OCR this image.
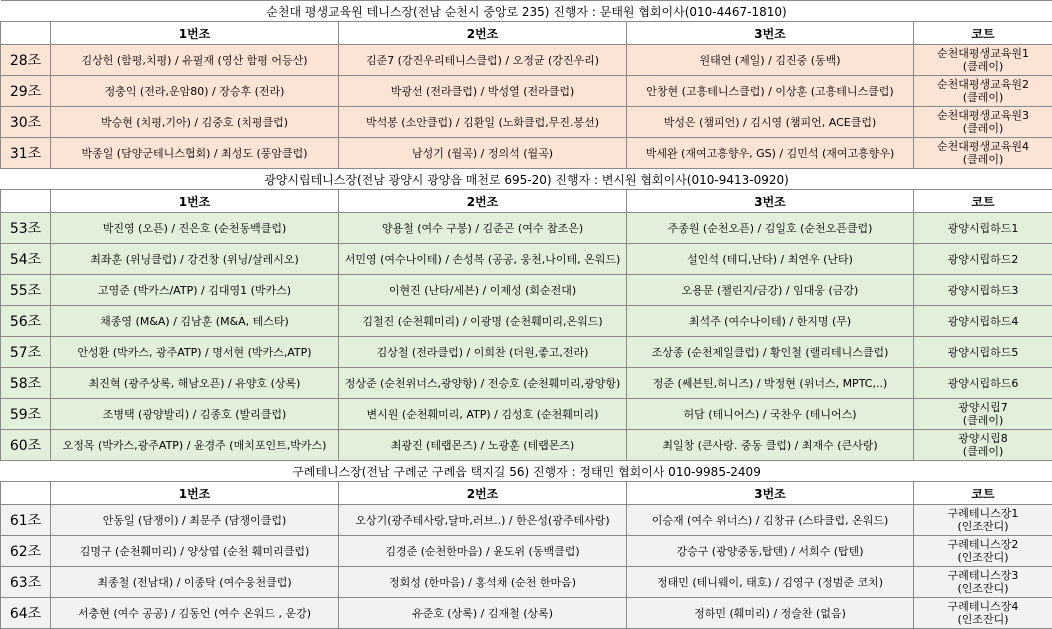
순천대 평생교육원 테니스장(전남 순천시 중앙로 235) 진행자 : 문태원 협회이사(010-4467-1810)				
	1번조	2번조	3번조	코트
28조	김상헌 (함평,치평) / 유필재 (영산 함평 어등산)	김준7 (강진우리테니스클럽) / 오정균 (강진우리)	원태연 (제일) / 김진중 (동백)	순천대평생교육원1
(클레이)
29조	정충익 (전라,운암80) / 장승후 (전라)	박광선 (전라클럽) / 박성열 (전라클럽)	안창현 (고흥테니스클럽) / 이상훈 (고흥테니스클럽)	순천대평생교육원2
(클레이)
30조	박승현 (치평,기아) / 김중호 (치평클럽)	박석봉 (소안클럽) / 김환일 (노화클럽,무진.봉선)	박성은 (챔피언) / 김시영 (챔피언, ACE클럽)	순천대평생교육원3
(클레이)
31조	박종일 (담양군테니스협회) / 최성도 (풍암클럽)	남성기 (월곡) / 정의석 (월곡)	박세완 (재여고흥향우, GS) / 김민석 (재여고흥향우)	순천대평생교육원4
(클레이)
광양시립테니스장(전남 광양시 광양읍 매천로 695-20) 진행자 : 변시원 협회이사(010-9413-0920)				
	1번조	2번조	3번조	코트
53조	박진영 (오픈) / 진은호 (순천동백클럽)	양용철 (여수 구봉) / 김준곤 (여수 참조은)	주종원 (순천오픈) / 김일호 (순천오픈클럽)	광양시립하드1
54조	최좌훈 (위닝클럽) / 강건창 (위닝/살레시오)	서민영 (여수나이테) / 손성복 (공공, 웅천,나이테, 온워드)	설인석 (테디,난타) / 최연우 (난타)	광양시립하드2
55조	고영준 (박카스/ATP) / 김대영1 (박카스)	이현진 (난타/세븐) / 이제성 (회순전대)	오용문 (챌린지/금강) / 임대웅 (금강)	광양시립하드3
56조	채종영 (M&A) / 김남훈 (M&A, 테스타)	김철진 (순천훼미리) / 이광명 (순천훼미리,온워드)	최석주 (여수나이테) / 한지명 (무)	광양시립하드4
57조	안성환 (박카스, 광주ATP) / 명서현 (박카스,ATP)	김상철 (전라클럽) / 이희찬 (더원,좋고,전라)	조상종 (순천제일클럽) / 황인철 (랠리테니스클럽)	광양시립하드5
58조	최진혁 (광주상록, 해남오픈) / 유양호 (상록)	정상준 (순천위너스,광양항) / 전승호 (순천훼미리,광양항)	정준 (쎄븐틴,허니즈) / 박정현 (위너스, MPTC,..)	광양시립하드6
59조	조병택 (광양발리) / 김종호 (발리클럽)	변시원 (순천훼미리, ATP) / 김성호 (순천훼미리)	허담 (테니어스) / 국찬우 (테니어스)	광양시립7
(클레이)
60조	오정목 (박카스,광주ATP) / 윤경주 (매치포인트,박카스)	최광진 (테랩몬즈) / 노광훈 (테랩몬즈)	최일창 (큰사랑. 중동 클럽) / 최재수 (큰사랑)	광양시립8
(클레이)
구례테니스장(전남 구례군 구례읍 택지길 56) 진행자 : 정태민 협회이사 010-9985-2409				
	1번조	2번조	3번조	코트
61조	안동일 (담쟁이) / 최문주 (담쟁이클럽)	오상기(광주테사랑,달마,러브..) / 한은성(광주테사랑)	이승재 (여수 위너스) / 김창규 (스타클럽, 온워드)	구례테니스장1
(인조잔디)
62조	김명구 (순천훼미리) / 양상엽 (순천 훼미리클럽)	김경준 (순천한마음) / 윤도위 (동백클럽)	강승구 (광양중동,탑텐) / 서희수 (탑텐)	구례테니스장2
(인조잔디)
63조	최종철 (전남대) / 이종탁 (여수웅천클럽)	정회성 (한마음) / 홍석채 (순천 한마음)	정태민 (테니웨이, 태호) / 김영구 (정범준 코치)	구례테니스장3
(인조잔디)
64조	서충현 (여수 공공) / 김동언 (여수 온워드 , 운강)	유준호 (상록) / 김재철 (상록)	정하민 (훼미리) / 정슬찬 (없음)	구례테니스장4
(인조잔디)
